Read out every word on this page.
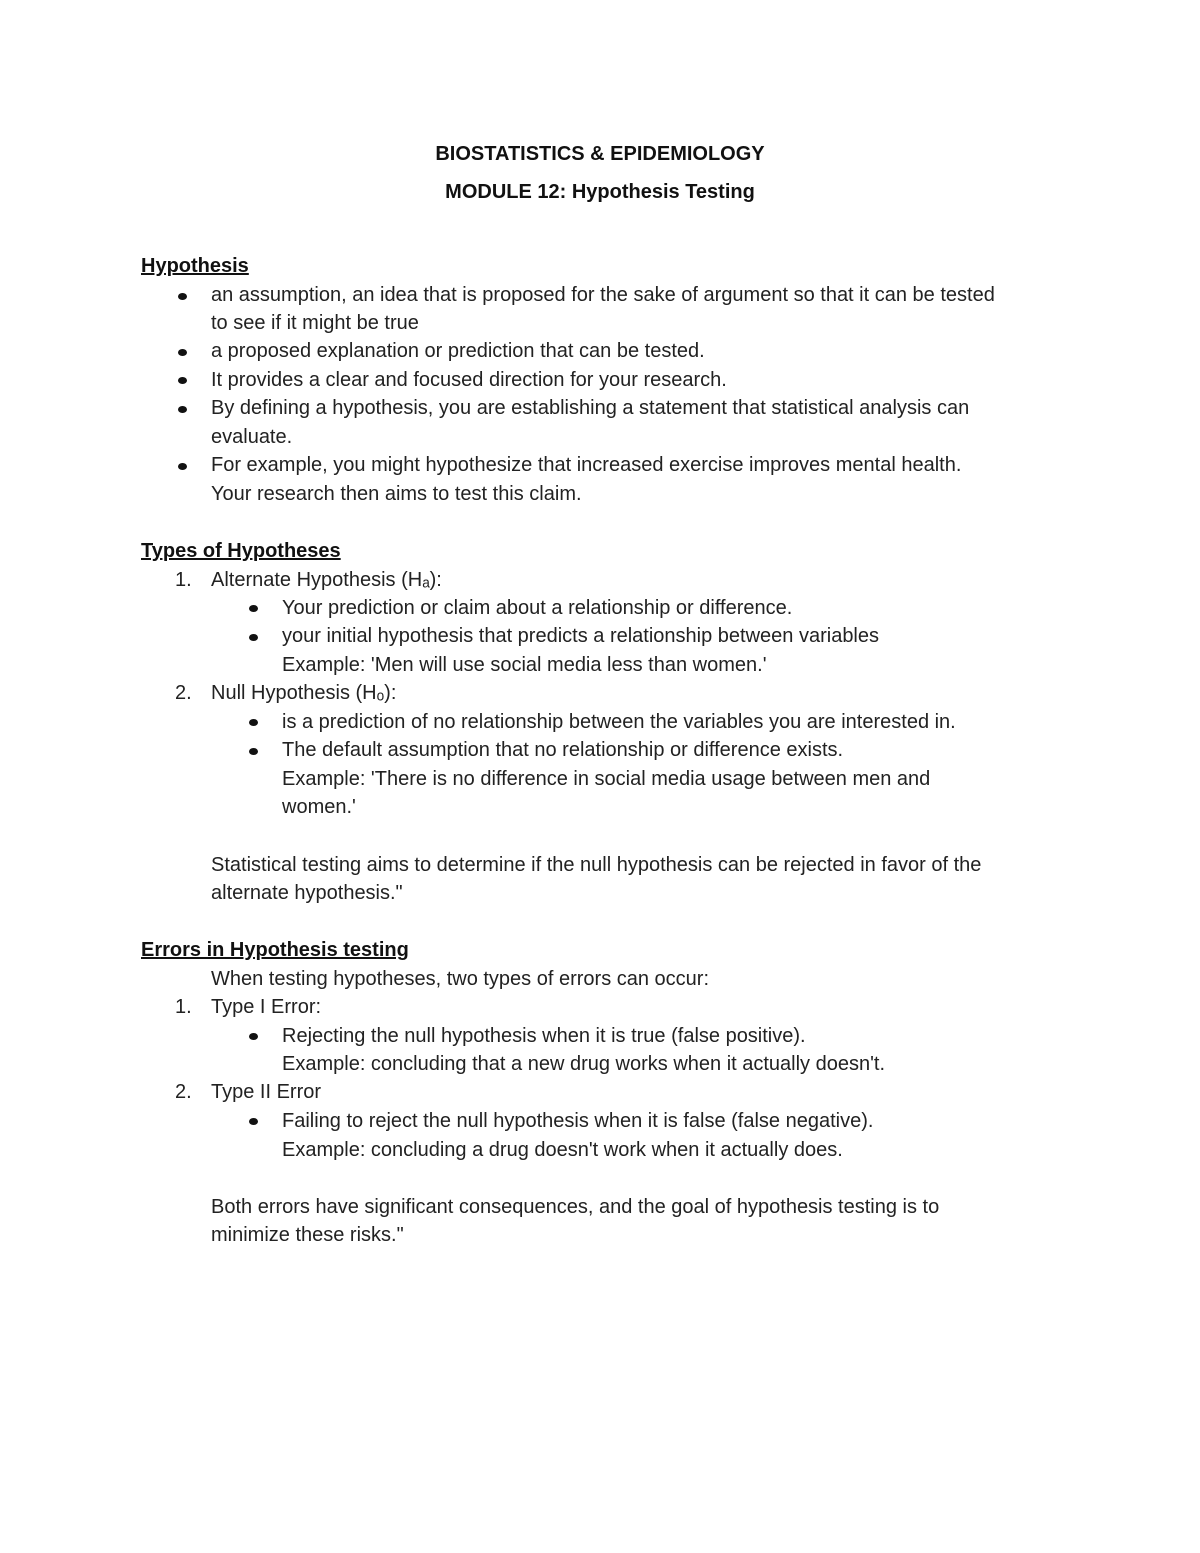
BIOSTATISTICS & EPIDEMIOLOGY
MODULE 12: Hypothesis Testing
Hypothesis
an assumption, an idea that is proposed for the sake of argument so that it can be tested
to see if it might be true
a proposed explanation or prediction that can be tested.
It provides a clear and focused direction for your research.
By defining a hypothesis, you are establishing a statement that statistical analysis can
evaluate.
For example, you might hypothesize that increased exercise improves mental health.
Your research then aims to test this claim.
Types of Hypotheses
1. Alternate Hypothesis (Hₐ):
Your prediction or claim about a relationship or difference.
your initial hypothesis that predicts a relationship between variables
Example: 'Men will use social media less than women.'
2. Null Hypothesis (Hₒ):
is a prediction of no relationship between the variables you are interested in.
The default assumption that no relationship or difference exists.
Example: 'There is no difference in social media usage between men and
women.'
Statistical testing aims to determine if the null hypothesis can be rejected in favor of the
alternate hypothesis."
Errors in Hypothesis testing
When testing hypotheses, two types of errors can occur:
1. Type I Error:
Rejecting the null hypothesis when it is true (false positive).
Example: concluding that a new drug works when it actually doesn't.
2. Type II Error
Failing to reject the null hypothesis when it is false (false negative).
Example: concluding a drug doesn't work when it actually does.
Both errors have significant consequences, and the goal of hypothesis testing is to
minimize these risks."
